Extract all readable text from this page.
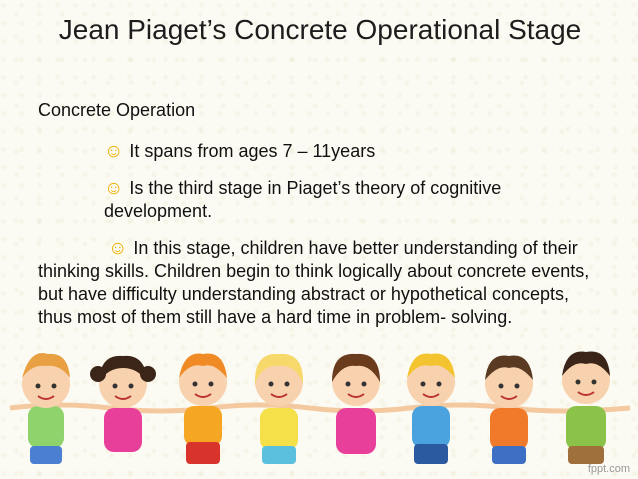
Jean Piaget’s Concrete Operational Stage
Concrete Operation
☺ It spans from ages 7 – 11years
☺ Is the third stage in Piaget’s theory of cognitive development.
☺ In this stage, children have better understanding of their thinking skills. Children begin to think logically about concrete events, but have difficulty understanding abstract or hypothetical concepts, thus most of them still have a hard time in problem- solving.
fppt.com
